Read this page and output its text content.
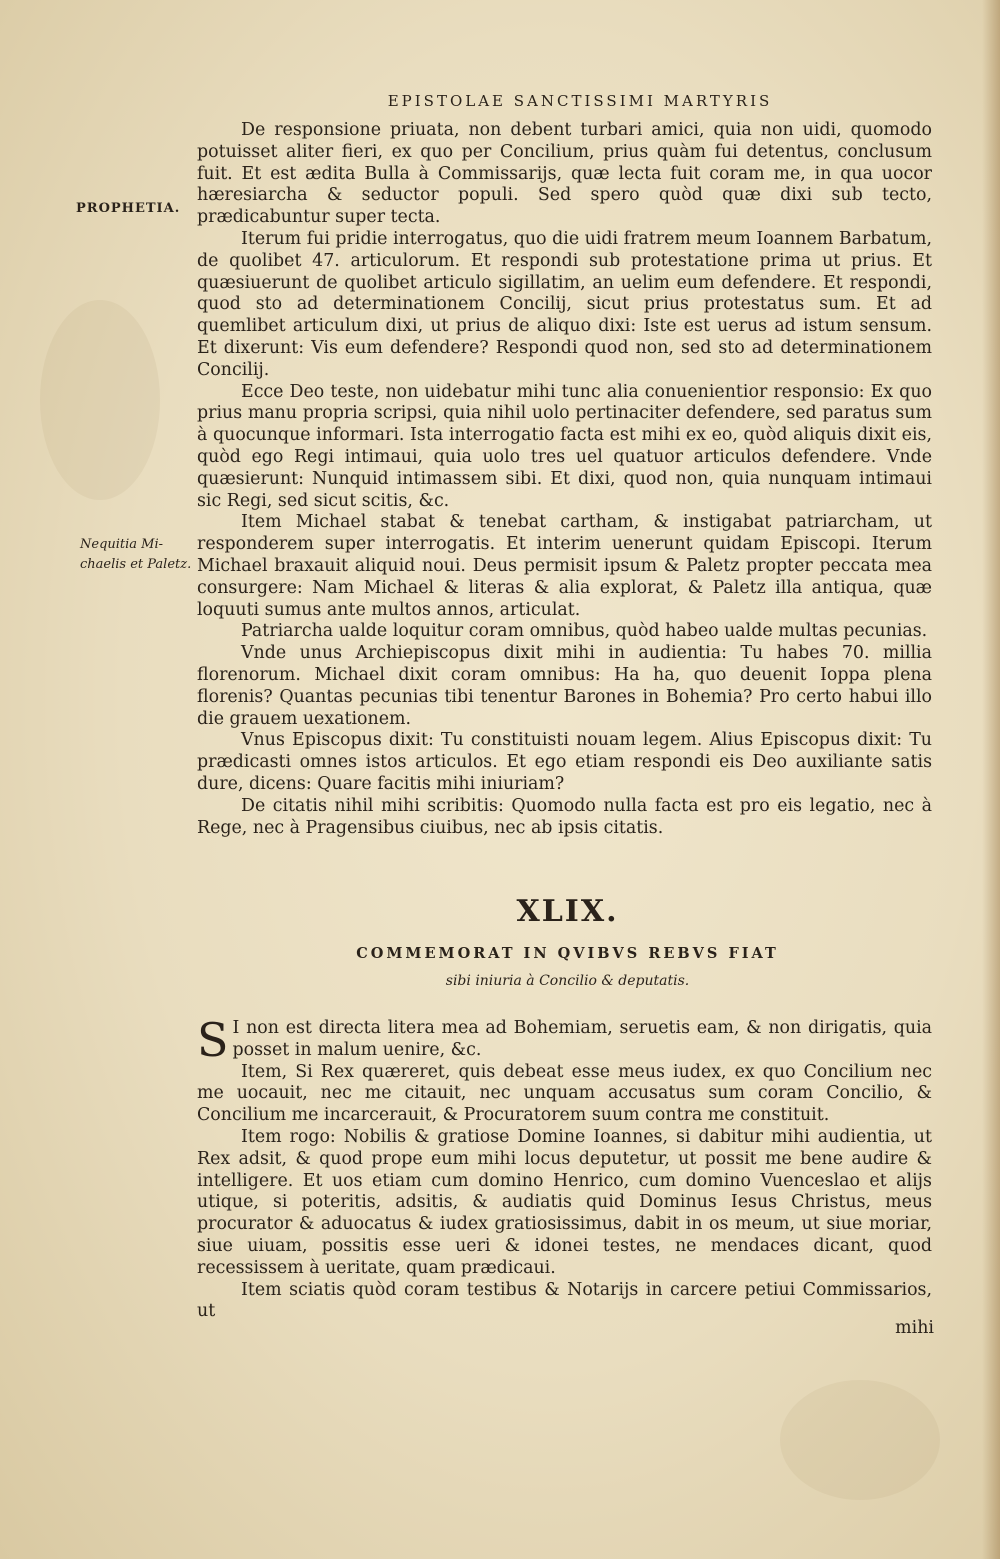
EPISTOLAE SANCTISSIMI MARTYRIS
PROPHETIA.
Nequitia Mi-
chaelis et Paletz.

De responsione priuata, non debent turbari amici, quia non uidi, quomodo potuisset aliter fieri, ex quo per Concilium, prius quàm fui detentus, conclusum fuit. Et est ædita Bulla à Commissarijs, quæ lecta fuit coram me, in qua uocor hæresiarcha & seductor populi. Sed spero quòd quæ dixi sub tecto, prædicabuntur super tecta.

Iterum fui pridie interrogatus, quo die uidi fratrem meum Ioannem Barbatum, de quolibet 47. articulorum. Et respondi sub protestatione prima ut prius. Et quæsiuerunt de quolibet articulo sigillatim, an uelim eum defendere. Et respondi, quod sto ad determinationem Concilij, sicut prius protestatus sum. Et ad quemlibet articulum dixi, ut prius de aliquo dixi: Iste est uerus ad istum sensum. Et dixerunt: Vis eum defendere? Respondi quod non, sed sto ad determinationem Concilij.

Ecce Deo teste, non uidebatur mihi tunc alia conuenientior responsio: Ex quo prius manu propria scripsi, quia nihil uolo pertinaciter defendere, sed paratus sum à quocunque informari. Ista interrogatio facta est mihi ex eo, quòd aliquis dixit eis, quòd ego Regi intimaui, quia uolo tres uel quatuor articulos defendere. Vnde quæsierunt: Nunquid intimassem sibi. Et dixi, quod non, quia nunquam intimaui sic Regi, sed sicut scitis, &c.

Item Michael stabat & tenebat cartham, & instigabat patriarcham, ut responderem super interrogatis. Et interim uenerunt quidam Episcopi. Iterum Michael braxauit aliquid noui. Deus permisit ipsum & Paletz propter peccata mea consurgere: Nam Michael & literas & alia explorat, & Paletz illa antiqua, quæ loquuti sumus ante multos annos, articulat.

Patriarcha ualde loquitur coram omnibus, quòd habeo ualde multas pecunias.

Vnde unus Archiepiscopus dixit mihi in audientia: Tu habes 70. millia florenorum. Michael dixit coram omnibus: Ha ha, quo deuenit Ioppa plena florenis? Quantas pecunias tibi tenentur Barones in Bohemia? Pro certo habui illo die grauem uexationem.

Vnus Episcopus dixit: Tu constituisti nouam legem. Alius Episcopus dixit: Tu prædicasti omnes istos articulos. Et ego etiam respondi eis Deo auxiliante satis dure, dicens: Quare facitis mihi iniuriam?

De citatis nihil mihi scribitis: Quomodo nulla facta est pro eis legatio, nec à Rege, nec à Pragensibus ciuibus, nec ab ipsis citatis.

XLIX.
COMMEMORAT IN QVIBVS REBVS FIAT
sibi iniuria à Concilio & deputatis.

S I non est directa litera mea ad Bohemiam, seruetis eam, & non dirigatis, quia posset in malum uenire, &c.

Item, Si Rex quæreret, quis debeat esse meus iudex, ex quo Concilium nec me uocauit, nec me citauit, nec unquam accusatus sum coram Concilio, & Concilium me incarcerauit, & Procuratorem suum contra me constituit.

Item rogo: Nobilis & gratiose Domine Ioannes, si dabitur mihi audientia, ut Rex adsit, & quod prope eum mihi locus deputetur, ut possit me bene audire & intelligere. Et uos etiam cum domino Henrico, cum domino Vuenceslao et alijs utique, si poteritis, adsitis, & audiatis quid Dominus Iesus Christus, meus procurator & aduocatus & iudex gratiosissimus, dabit in os meum, ut siue moriar, siue uiuam, possitis esse ueri & idonei testes, ne mendaces dicant, quod recessissem à ueritate, quam prædicaui.

Item sciatis quòd coram testibus & Notarijs in carcere petiui Commissarios, ut

mihi
